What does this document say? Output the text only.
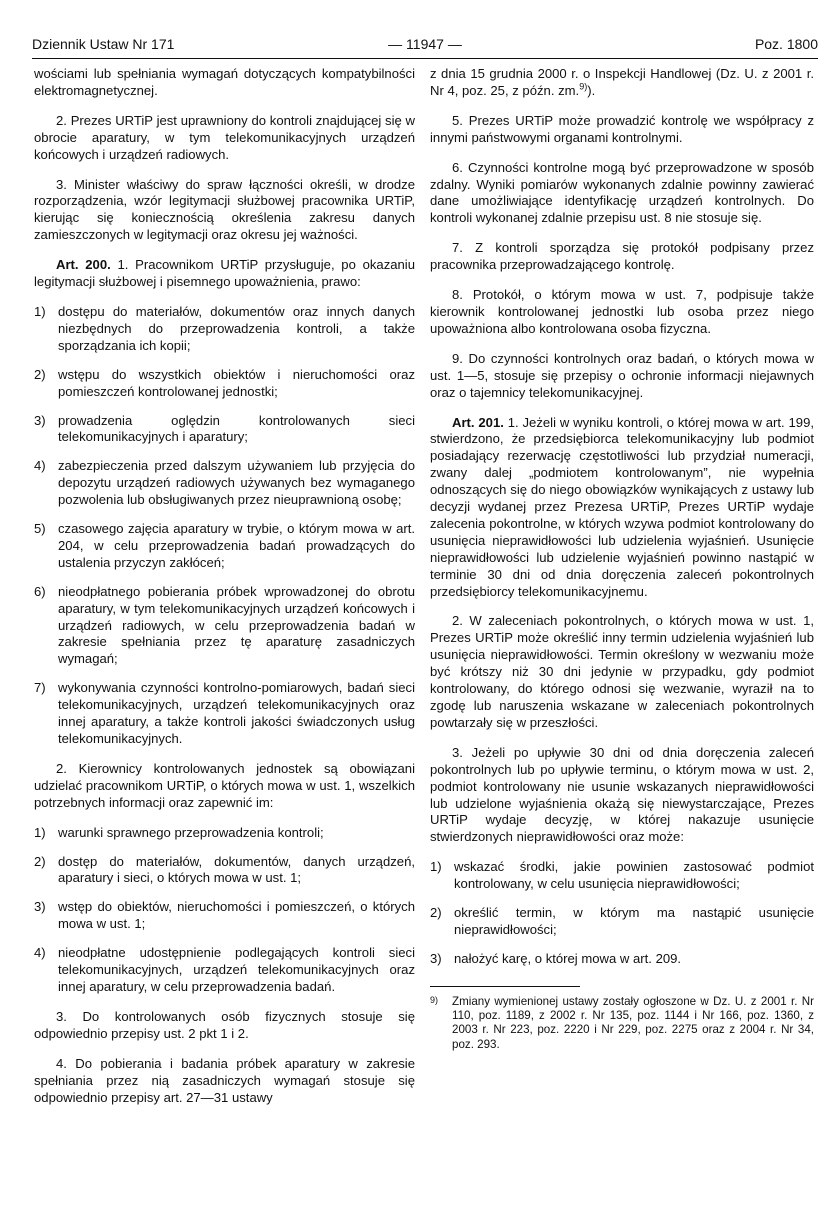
Dziennik Ustaw Nr 171	— 11947 —	Poz. 1800

wościami lub spełniania wymagań dotyczących kompatybilności elektromagnetycznej.

2. Prezes URTiP jest uprawniony do kontroli znajdującej się w obrocie aparatury, w tym telekomunikacyjnych urządzeń końcowych i urządzeń radiowych.

3. Minister właściwy do spraw łączności określi, w drodze rozporządzenia, wzór legitymacji służbowej pracownika URTiP, kierując się koniecznością określenia zakresu danych zamieszczonych w legitymacji oraz okresu jej ważności.

Art. 200. 1. Pracownikom URTiP przysługuje, po okazaniu legitymacji służbowej i pisemnego upoważnienia, prawo:

1) dostępu do materiałów, dokumentów oraz innych danych niezbędnych do przeprowadzenia kontroli, a także sporządzania ich kopii;
2) wstępu do wszystkich obiektów i nieruchomości oraz pomieszczeń kontrolowanej jednostki;
3) prowadzenia oględzin kontrolowanych sieci telekomunikacyjnych i aparatury;
4) zabezpieczenia przed dalszym używaniem lub przyjęcia do depozytu urządzeń radiowych używanych bez wymaganego pozwolenia lub obsługiwanych przez nieuprawnioną osobę;
5) czasowego zajęcia aparatury w trybie, o którym mowa w art. 204, w celu przeprowadzenia badań prowadzących do ustalenia przyczyn zakłóceń;
6) nieodpłatnego pobierania próbek wprowadzonej do obrotu aparatury, w tym telekomunikacyjnych urządzeń końcowych i urządzeń radiowych, w celu przeprowadzenia badań w zakresie spełniania przez tę aparaturę zasadniczych wymagań;
7) wykonywania czynności kontrolno-pomiarowych, badań sieci telekomunikacyjnych, urządzeń telekomunikacyjnych oraz innej aparatury, a także kontroli jakości świadczonych usług telekomunikacyjnych.

2. Kierownicy kontrolowanych jednostek są obowiązani udzielać pracownikom URTiP, o których mowa w ust. 1, wszelkich potrzebnych informacji oraz zapewnić im:

1) warunki sprawnego przeprowadzenia kontroli;
2) dostęp do materiałów, dokumentów, danych urządzeń, aparatury i sieci, o których mowa w ust. 1;
3) wstęp do obiektów, nieruchomości i pomieszczeń, o których mowa w ust. 1;
4) nieodpłatne udostępnienie podlegających kontroli sieci telekomunikacyjnych, urządzeń telekomunikacyjnych oraz innej aparatury, w celu przeprowadzenia badań.

3. Do kontrolowanych osób fizycznych stosuje się odpowiednio przepisy ust. 2 pkt 1 i 2.

4. Do pobierania i badania próbek aparatury w zakresie spełniania przez nią zasadniczych wymagań stosuje się odpowiednio przepisy art. 27—31 ustawy

z dnia 15 grudnia 2000 r. o Inspekcji Handlowej (Dz. U. z 2001 r. Nr 4, poz. 25, z późn. zm.$^{9)}$).

5. Prezes URTiP może prowadzić kontrolę we współpracy z innymi państwowymi organami kontrolnymi.

6. Czynności kontrolne mogą być przeprowadzone w sposób zdalny. Wyniki pomiarów wykonanych zdalnie powinny zawierać dane umożliwiające identyfikację urządzeń kontrolnych. Do kontroli wykonanej zdalnie przepisu ust. 8 nie stosuje się.

7. Z kontroli sporządza się protokół podpisany przez pracownika przeprowadzającego kontrolę.

8. Protokół, o którym mowa w ust. 7, podpisuje także kierownik kontrolowanej jednostki lub osoba przez niego upoważniona albo kontrolowana osoba fizyczna.

9. Do czynności kontrolnych oraz badań, o których mowa w ust. 1—5, stosuje się przepisy o ochronie informacji niejawnych oraz o tajemnicy telekomunikacyjnej.

Art. 201. 1. Jeżeli w wyniku kontroli, o której mowa w art. 199, stwierdzono, że przedsiębiorca telekomunikacyjny lub podmiot posiadający rezerwację częstotliwości lub przydział numeracji, zwany dalej „podmiotem kontrolowanym”, nie wypełnia odnoszących się do niego obowiązków wynikających z ustawy lub decyzji wydanej przez Prezesa URTiP, Prezes URTiP wydaje zalecenia pokontrolne, w których wzywa podmiot kontrolowany do usunięcia nieprawidłowości lub udzielenia wyjaśnień. Usunięcie nieprawidłowości lub udzielenie wyjaśnień powinno nastąpić w terminie 30 dni od dnia doręczenia zaleceń pokontrolnych przedsiębiorcy telekomunikacyjnemu.

2. W zaleceniach pokontrolnych, o których mowa w ust. 1, Prezes URTiP może określić inny termin udzielenia wyjaśnień lub usunięcia nieprawidłowości. Termin określony w wezwaniu może być krótszy niż 30 dni jedynie w przypadku, gdy podmiot kontrolowany, do którego odnosi się wezwanie, wyraził na to zgodę lub naruszenia wskazane w zaleceniach pokontrolnych powtarzały się w przeszłości.

3. Jeżeli po upływie 30 dni od dnia doręczenia zaleceń pokontrolnych lub po upływie terminu, o którym mowa w ust. 2, podmiot kontrolowany nie usunie wskazanych nieprawidłowości lub udzielone wyjaśnienia okażą się niewystarczające, Prezes URTiP wydaje decyzję, w której nakazuje usunięcie stwierdzonych nieprawidłowości oraz może:

1) wskazać środki, jakie powinien zastosować podmiot kontrolowany, w celu usunięcia nieprawidłowości;
2) określić termin, w którym ma nastąpić usunięcie nieprawidłowości;
3) nałożyć karę, o której mowa w art. 209.
9) Zmiany wymienionej ustawy zostały ogłoszone w Dz. U. z 2001 r. Nr 110, poz. 1189, z 2002 r. Nr 135, poz. 1144 i Nr 166, poz. 1360, z 2003 r. Nr 223, poz. 2220 i Nr 229, poz. 2275 oraz z 2004 r. Nr 34, poz. 293.
